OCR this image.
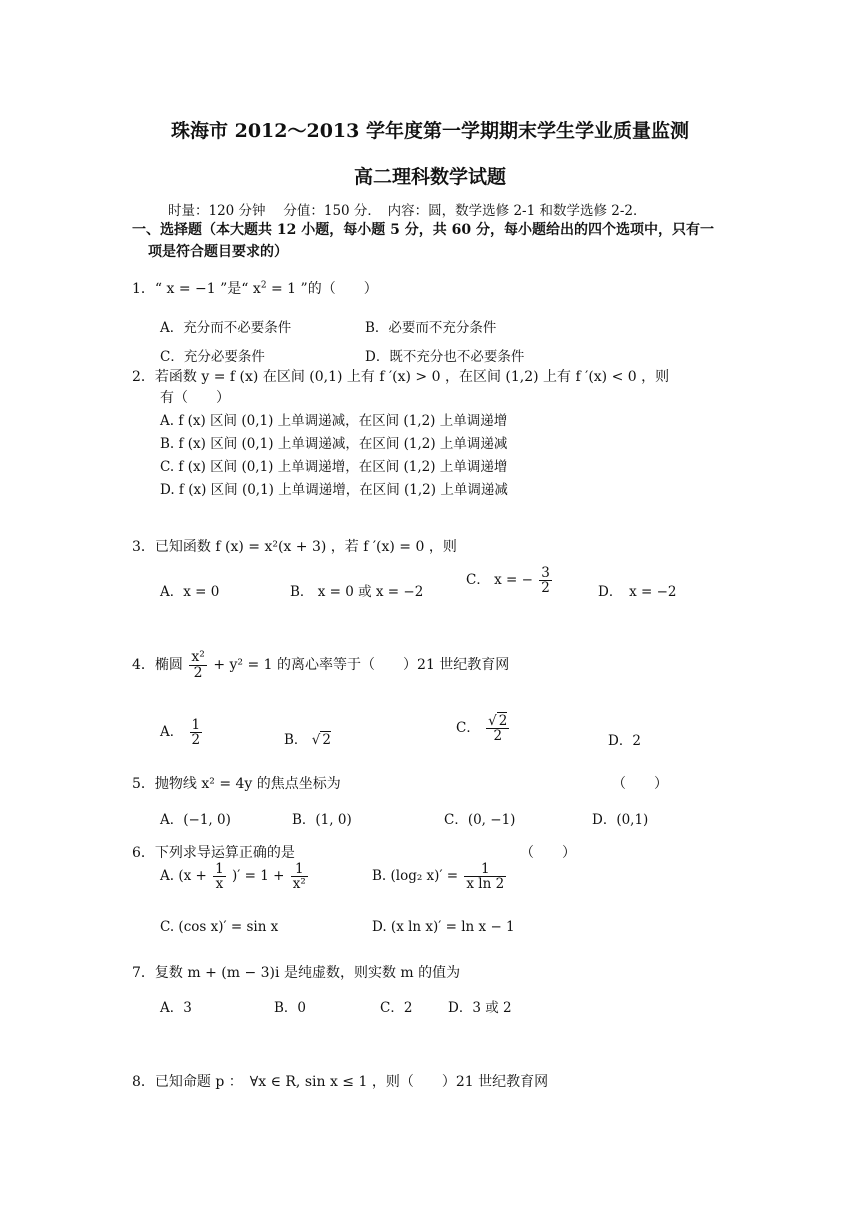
珠海市 2012～2013 学年度第一学期期末学生学业质量监测
高二理科数学试题
时量：120 分钟　 分值：150 分．　内容：圆，数学选修 2-1 和数学选修 2-2．
一、选择题（本大题共 12 小题，每小题 5 分，共 60 分，每小题给出的四个选项中，只有一
项是符合题目要求的）
1．“ x = −1 ”是“ $x^2 = 1$ ”的（　　）
A．充分而不必要条件	B．必要而不充分条件
C．充分必要条件	D．既不充分也不必要条件
2．若函数 y = f (x) 在区间 (0,1) 上有 f ′(x) > 0 ，在区间 (1,2) 上有 f ′(x) < 0 ，则
有（　　）
A. f (x) 区间 (0,1) 上单调递减，在区间 (1,2) 上单调递增
B. f (x) 区间 (0,1) 上单调递减，在区间 (1,2) 上单调递减
C. f (x) 区间 (0,1) 上单调递增，在区间 (1,2) 上单调递增
D. f (x) 区间 (0,1) 上单调递增，在区间 (1,2) 上单调递减
3．已知函数 f (x) = x²(x + 3) ，若 f ′(x) = 0 ，则
A．x = 0	B． x = 0 或 x = −2
C． x = − $\frac{3}{2}$	D．　x = −2
4．椭圆 $\frac{\text{x²}}{2} + y^2 = 1$ 的离心率等于（　　）21 世纪教育网
A． $\frac{1}{2}$	B． √ 2
C． $\frac{√ 2}{2}$	D．2
5．抛物线 x² = 4y 的焦点坐标为	（　　）
A．(−1, 0)	B．(1, 0)	C．(0, −1)	D．(0,1)
6．下列求导运算正确的是	（　　）
A. ($x + \frac{1}{x}$ )′ = $1 + \frac{1}{\text{x²}}$	B. (log₂ $x)' = \frac{1}{\text{x ln 2}}$
C. (cos x)′ = sin x	D. (x ln x)′ = ln x − 1
7．复数 m + (m − 3)i 是纯虚数，则实数 m 的值为
A．3	B．0	C．2	D．3 或 2
8．已知命题 p ：　∀x ∈ R, sin x ≤ 1 ，则（　　）21 世纪教育网
